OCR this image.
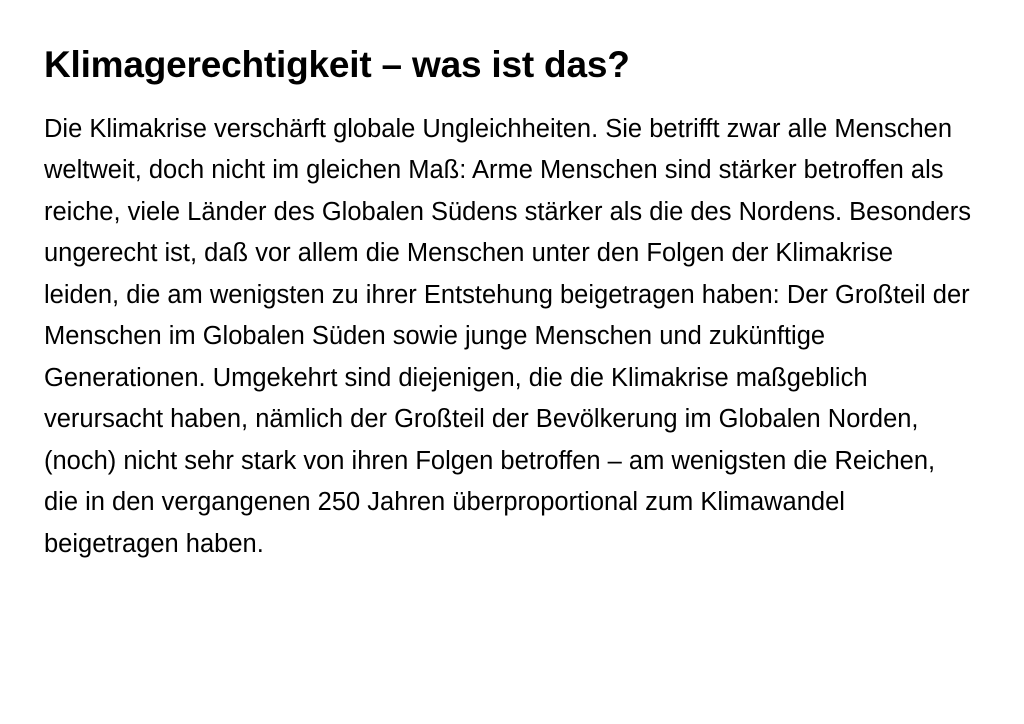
Klimagerechtigkeit – was ist das?

Die Klimakrise verschärft globale Ungleichheiten. Sie betrifft zwar alle Menschen weltweit, doch nicht im gleichen Maß: Arme Menschen sind stärker betroffen als reiche, viele Länder des Globalen Südens stärker als die des Nordens. Besonders ungerecht ist, daß vor allem die Menschen unter den Folgen der Klimakrise leiden, die am wenigsten zu ihrer Entstehung beigetragen haben: Der Großteil der Menschen im Globalen Süden sowie junge Menschen und zukünftige Generationen. Umgekehrt sind diejenigen, die die Klimakrise maßgeblich verursacht haben, nämlich der Großteil der Bevölkerung im Globalen Norden, (noch) nicht sehr stark von ihren Folgen betroffen – am wenigsten die Reichen, die in den vergangenen 250 Jahren überproportional zum Klimawandel beigetragen haben.
